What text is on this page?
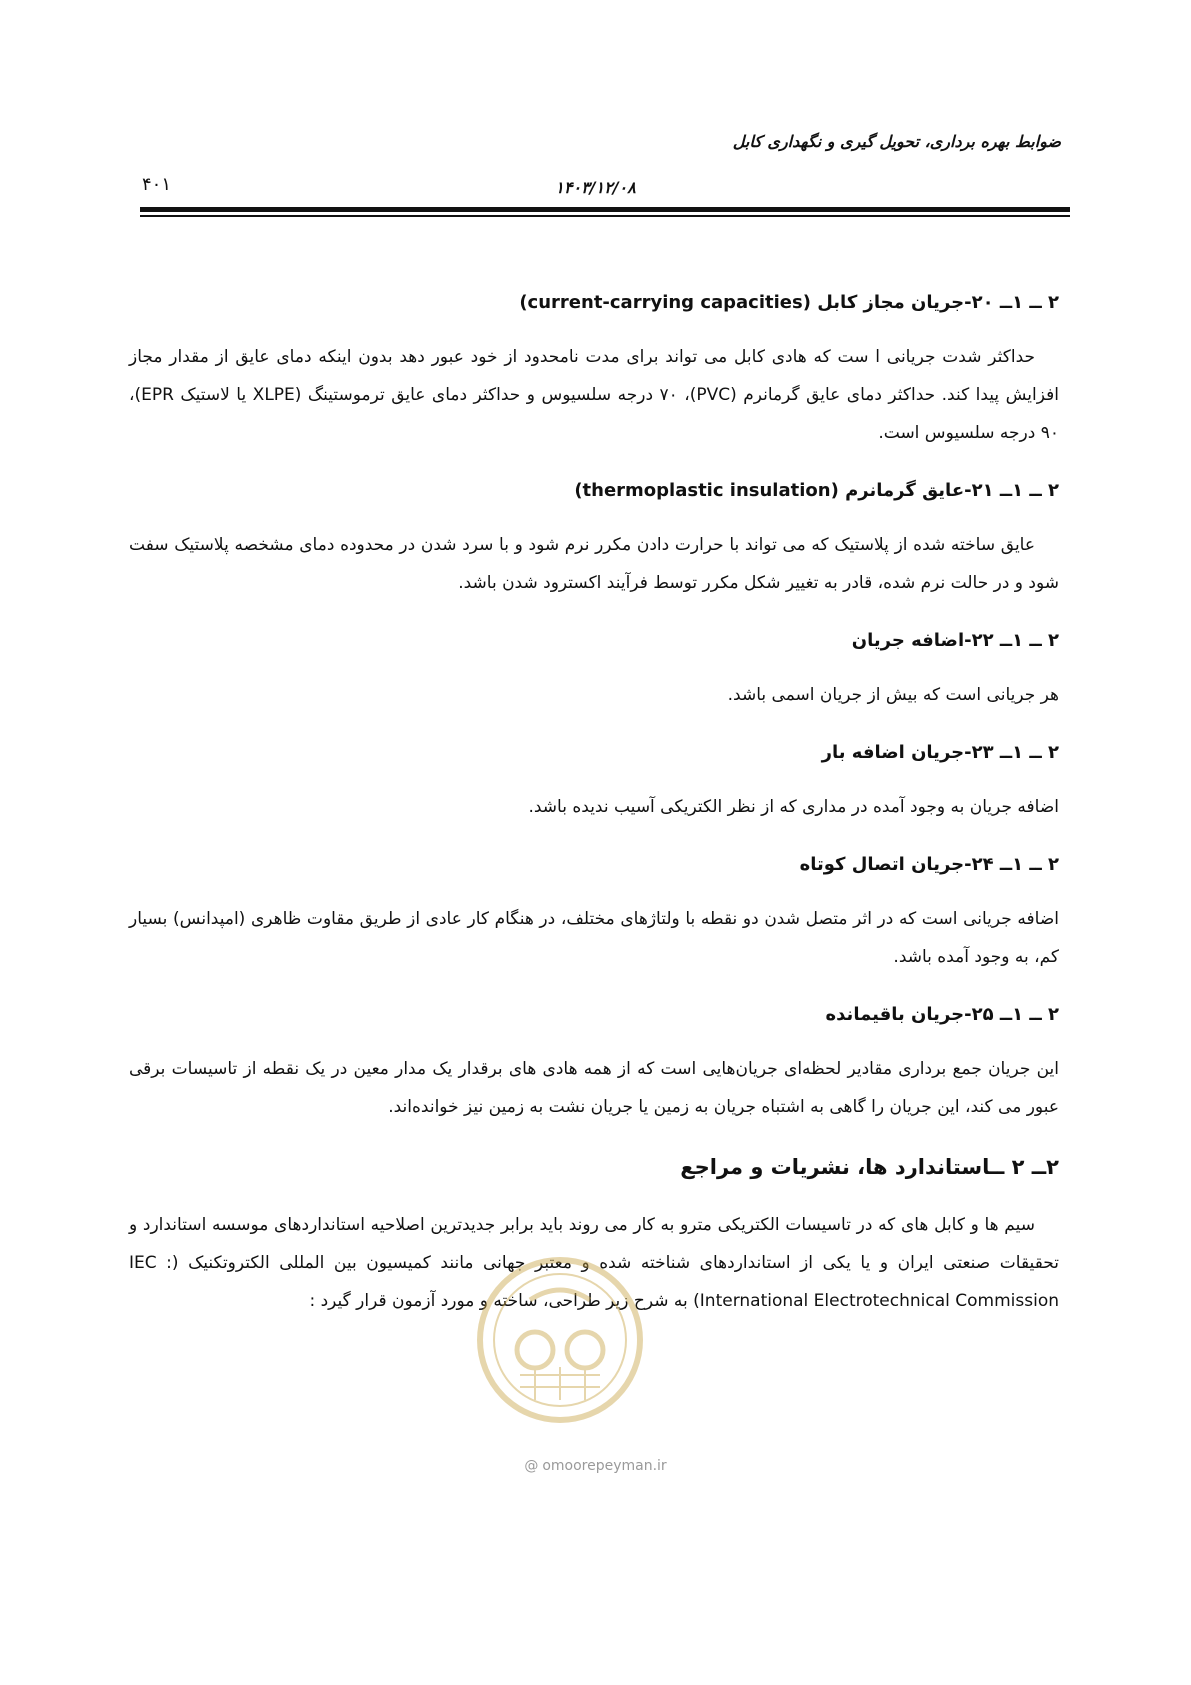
ضوابط بهره برداری، تحویل گیری و نگهداری کابل
۱۴۰۳/۱۲/۰۸
۴۰۱
۲ ــ ۱ــ ۲۰-جریان مجاز کابل (current-carrying capacities)

حداکثر شدت جریانی ا ست که هادی کابل می تواند برای مدت نامحدود از خود عبور دهد بدون اینکه دمای عایق از مقدار مجاز افزایش پیدا کند. حداکثر دمای عایق گرمانرم (PVC)، ۷۰ درجه سلسیوس و حداکثر دمای عایق ترموستینگ (XLPE یا لاستیک EPR)، ۹۰ درجه سلسیوس است.

۲ ــ ۱ــ ۲۱-عایق گرمانرم (thermoplastic insulation)

عایق ساخته شده از پلاستیک که می تواند با حرارت دادن مکرر نرم شود و با سرد شدن در محدوده دمای مشخصه پلاستیک سفت شود و در حالت نرم شده، قادر به تغییر شکل مکرر توسط فرآیند اکسترود شدن باشد.

۲ ــ ۱ــ ۲۲-اضافه جریان

هر جریانی است که بیش از جریان اسمی باشد.

۲ ــ ۱ــ ۲۳-جریان اضافه بار

اضافه جریان به وجود آمده در مداری که از نظر الکتریکی آسیب ندیده باشد.

۲ ــ ۱ــ ۲۴-جریان اتصال کوتاه

اضافه جریانی است که در اثر متصل شدن دو نقطه با ولتاژهای مختلف، در هنگام کار عادی از طریق مقاوت ظاهری (امپدانس) بسیار کم، به وجود آمده باشد.

۲ ــ ۱ــ ۲۵-جریان باقیمانده

این جریان جمع برداری مقادیر لحظه‌ای جریان‌هایی است که از همه هادی های برقدار یک مدار معین در یک نقطه از تاسیسات برقی عبور می کند، این جریان را گاهی به اشتباه جریان به زمین یا جریان نشت به زمین نیز خوانده‌اند.

۲ــ ۲ ــاستاندارد ها، نشریات و مراجع

سیم ها و کابل های که در تاسیسات الکتریکی مترو به کار می روند باید برابر جدیدترین اصلاحیه استانداردهای موسسه استاندارد و تحقیقات صنعتی ایران و یا یکی از استانداردهای شناخته شده و معتبر جهانی مانند کمیسیون بین المللی الکتروتکنیک (IEC : International Electrotechnical Commission) به شرح زیر طراحی، ساخته و مورد آزمون قرار گیرد :

@ omoorepeyman.ir
